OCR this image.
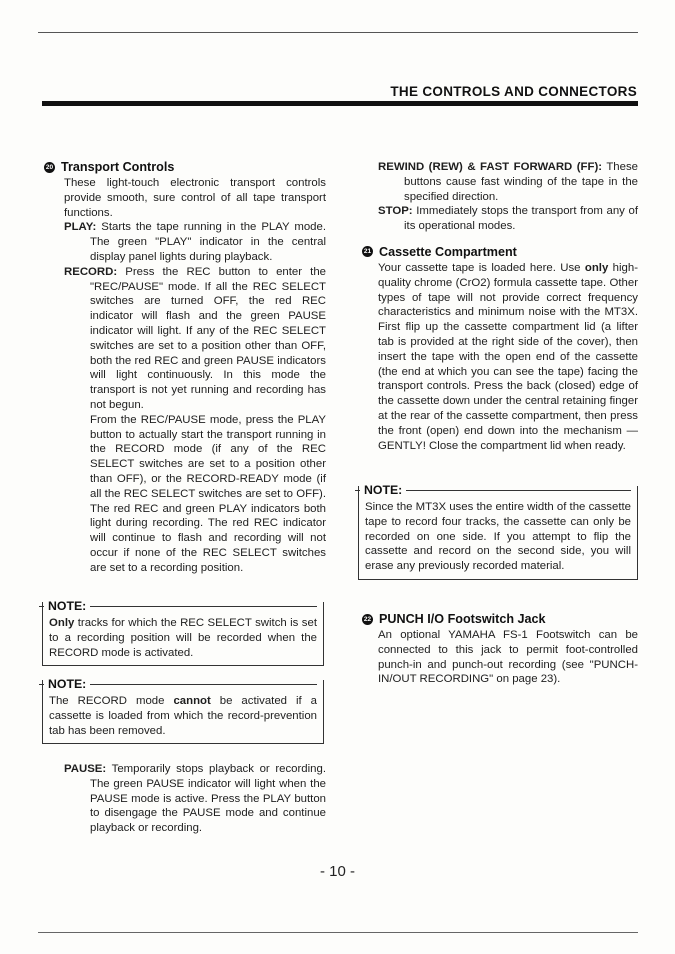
THE CONTROLS AND CONNECTORS
20 Transport Controls

These light-touch electronic transport controls provide smooth, sure control of all tape transport functions.

PLAY: Starts the tape running in the PLAY mode. The green "PLAY" indicator in the central display panel lights during playback.

RECORD: Press the REC button to enter the "REC/PAUSE" mode. If all the REC SELECT switches are turned OFF, the red REC indicator will flash and the green PAUSE indicator will light. If any of the REC SELECT switches are set to a position other than OFF, both the red REC and green PAUSE indicators will light continuously. In this mode the transport is not yet running and recording has not begun.

From the REC/PAUSE mode, press the PLAY button to actually start the transport running in the RECORD mode (if any of the REC SELECT switches are set to a position other than OFF), or the RECORD-READY mode (if all the REC SELECT switches are set to OFF). The red REC and green PLAY indicators both light during recording. The red REC indicator will continue to flash and recording will not occur if none of the REC SELECT switches are set to a recording position.

NOTE:

Only tracks for which the REC SELECT switch is set to a recording position will be recorded when the RECORD mode is activated.

NOTE:

The RECORD mode cannot be activated if a cassette is loaded from which the record-prevention tab has been removed.

PAUSE: Temporarily stops playback or recording. The green PAUSE indicator will light when the PAUSE mode is active. Press the PLAY button to disengage the PAUSE mode and continue playback or recording.

REWIND (REW) & FAST FORWARD (FF): These buttons cause fast winding of the tape in the specified direction.

STOP: Immediately stops the transport from any of its operational modes.

21 Cassette Compartment

Your cassette tape is loaded here. Use only high-quality chrome (CrO2) formula cassette tape. Other types of tape will not provide correct frequency characteristics and minimum noise with the MT3X. First flip up the cassette compartment lid (a lifter tab is provided at the right side of the cover), then insert the tape with the open end of the cassette (the end at which you can see the tape) facing the transport controls. Press the back (closed) edge of the cassette down under the central retaining finger at the rear of the cassette compartment, then press the front (open) end down into the mechanism — GENTLY! Close the compartment lid when ready.

NOTE:

Since the MT3X uses the entire width of the cassette tape to record four tracks, the cassette can only be recorded on one side. If you attempt to flip the cassette and record on the second side, you will erase any previously recorded material.

22 PUNCH I/O Footswitch Jack

An optional YAMAHA FS-1 Footswitch can be connected to this jack to permit foot-controlled punch-in and punch-out recording (see "PUNCH-IN/OUT RECORDING" on page 23).

- 10 -
